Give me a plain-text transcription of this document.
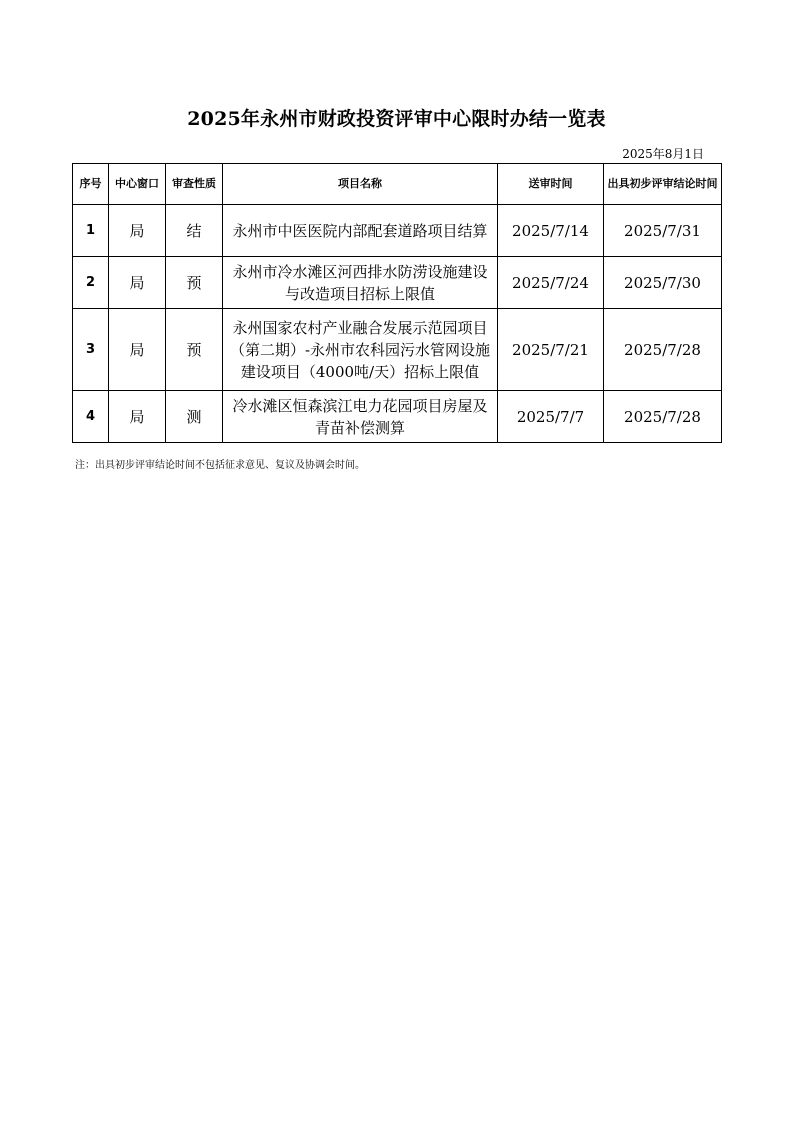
2025年永州市财政投资评审中心限时办结一览表
2025年8月1日
序号	中心窗口	审查性质	项目名称	送审时间	出具初步评审结论时间
1	局	结	永州市中医医院内部配套道路项目结算	2025/7/14	2025/7/31
2	局	预	永州市冷水滩区河西排水防涝设施建设与改造项目招标上限值	2025/7/24	2025/7/30
3	局	预	永州国家农村产业融合发展示范园项目（第二期）-永州市农科园污水管网设施建设项目（4000吨/天）招标上限值	2025/7/21	2025/7/28
4	局	测	冷水滩区恒森滨江电力花园项目房屋及青苗补偿测算	2025/7/7	2025/7/28
注：出具初步评审结论时间不包括征求意见、复议及协调会时间。
